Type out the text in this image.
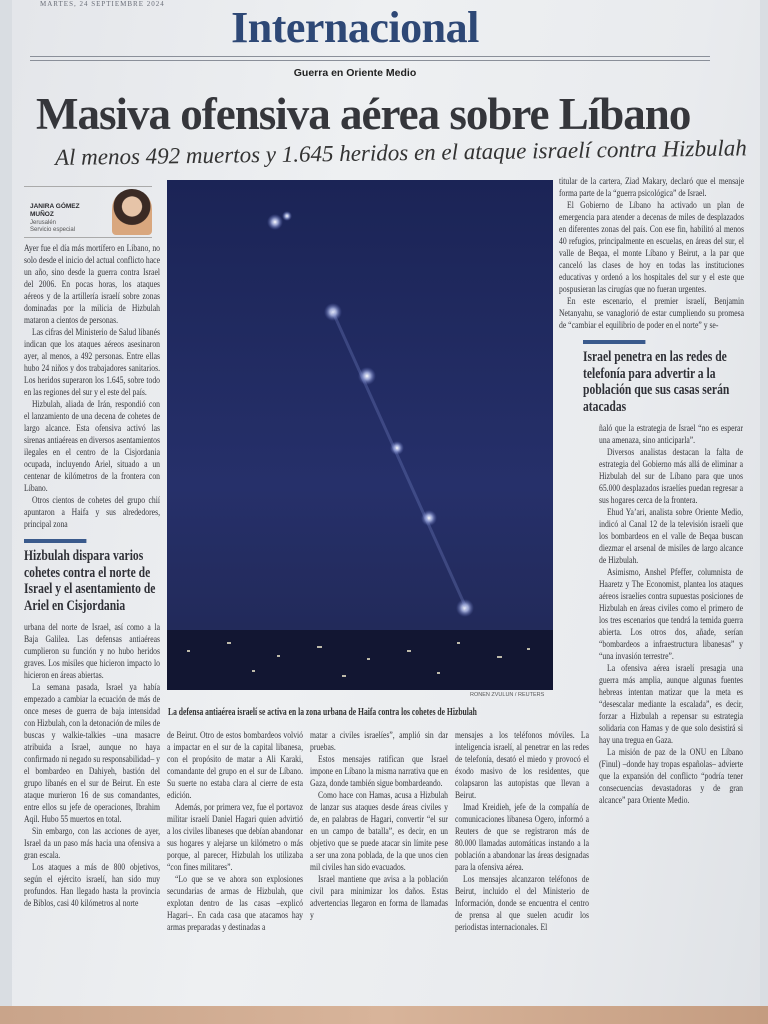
MARTES, 24 SEPTIEMBRE 2024	Internacional
Guerra en Oriente Medio
Masiva ofensiva aérea sobre Líbano
Al menos 492 muertos y 1.645 heridos en el ataque israelí contra Hizbulah
JANIRA GÓMEZ MUÑOZ
Jerusalén
Servicio especial

Ayer fue el día más mortífero en Líbano, no solo desde el inicio del actual conflicto hace un año, sino desde la guerra contra Israel del 2006. En pocas horas, los ataques aéreos y de la artillería israelí sobre zonas dominadas por la milicia de Hizbulah mataron a cientos de personas.

Las cifras del Ministerio de Salud libanés indican que los ataques aéreos asesinaron ayer, al menos, a 492 personas. Entre ellas hubo 24 niños y dos trabajadores sanitarios. Los heridos superaron los 1.645, sobre todo en las regiones del sur y el este del país.

Hizbulah, aliada de Irán, respondió con el lanzamiento de una decena de cohetes de largo alcance. Esta ofensiva activó las sirenas antiaéreas en diversos asentamientos ilegales en el centro de la Cisjordania ocupada, incluyendo Ariel, situado a un centenar de kilómetros de la frontera con Líbano.

Otros cientos de cohetes del grupo chií apuntaron a Haifa y sus alrededores, principal zona

Hizbulah dispara varios cohetes contra el norte de Israel y el asentamiento de Ariel en Cisjordania

urbana del norte de Israel, así como a la Baja Galilea. Las defensas antiaéreas cumplieron su función y no hubo heridos graves. Los misiles que hicieron impacto lo hicieron en áreas abiertas.

La semana pasada, Israel ya había empezado a cambiar la ecuación de más de once meses de guerra de baja intensidad con Hizbulah, con la detonación de miles de buscas y walkie-talkies –una masacre atribuida a Israel, aunque no haya confirmado ni negado su responsabilidad– y el bombardeo en Dahiyeh, bastión del grupo libanés en el sur de Beirut. En este ataque murieron 16 de sus comandantes, entre ellos su jefe de operaciones, Ibrahim Aqil. Hubo 55 muertos en total.

Sin embargo, con las acciones de ayer, Israel da un paso más hacia una ofensiva a gran escala.

Los ataques a más de 800 objetivos, según el ejército israelí, han sido muy profundos. Han llegado hasta la provincia de Biblos, casi 40 kilómetros al norte

RONEN ZVULUN / REUTERS
La defensa antiaérea israelí se activa en la zona urbana de Haifa contra los cohetes de Hizbulah

de Beirut. Otro de estos bombardeos volvió a impactar en el sur de la capital libanesa, con el propósito de matar a Ali Karaki, comandante del grupo en el sur de Líbano. Su suerte no estaba clara al cierre de esta edición.

Además, por primera vez, fue el portavoz militar israelí Daniel Hagari quien advirtió a los civiles libaneses que debían abandonar sus hogares y alejarse un kilómetro o más porque, al parecer, Hizbulah los utilizaba “con fines militares”.

“Lo que se ve ahora son explosiones secundarias de armas de Hizbulah, que explotan dentro de las casas –explicó Hagari–. En cada casa que atacamos hay armas preparadas y destinadas a

matar a civiles israelíes”, amplió sin dar pruebas.

Estos mensajes ratifican que Israel impone en Líbano la misma narrativa que en Gaza, donde también sigue bombardeando.

Como hace con Hamas, acusa a Hizbulah de lanzar sus ataques desde áreas civiles y de, en palabras de Hagari, convertir “el sur en un campo de batalla”, es decir, en un objetivo que se puede atacar sin límite pese a ser una zona poblada, de la que unos cien mil civiles han sido evacuados.

Israel mantiene que avisa a la población civil para minimizar los daños. Estas advertencias llegaron en forma de llamadas y

mensajes a los teléfonos móviles. La inteligencia israelí, al penetrar en las redes de telefonía, desató el miedo y provocó el éxodo masivo de los residentes, que colapsaron las autopistas que llevan a Beirut.

Imad Kreidieh, jefe de la compañía de comunicaciones libanesa Ogero, informó a Reuters de que se registraron más de 80.000 llamadas automáticas instando a la población a abandonar las áreas designadas para la ofensiva aérea.

Los mensajes alcanzaron teléfonos de Beirut, incluido el del Ministerio de Información, donde se encuentra el centro de prensa al que suelen acudir los periodistas internacionales. El

titular de la cartera, Ziad Makary, declaró que el mensaje forma parte de la “guerra psicológica” de Israel.

El Gobierno de Líbano ha activado un plan de emergencia para atender a decenas de miles de desplazados en diferentes zonas del país. Con ese fin, habilitó al menos 40 refugios, principalmente en escuelas, en áreas del sur, el valle de Beqaa, el monte Líbano y Beirut, a la par que canceló las clases de hoy en todas las instituciones educativas y ordenó a los hospitales del sur y el este que pospusieran las cirugías que no fueran urgentes.

En este escenario, el premier israelí, Benjamin Netanyahu, se vanaglorió de estar cumpliendo su promesa de “cambiar el equilibrio de poder en el norte” y se-

Israel penetra en las redes de telefonía para advertir a la población que sus casas serán atacadas

ñaló que la estrategia de Israel “no es esperar una amenaza, sino anticiparla”.

Diversos analistas destacan la falta de estrategia del Gobierno más allá de eliminar a Hizbulah del sur de Líbano para que unos 65.000 desplazados israelíes puedan regresar a sus hogares cerca de la frontera.

Ehud Ya’ari, analista sobre Oriente Medio, indicó al Canal 12 de la televisión israelí que los bombardeos en el valle de Beqaa buscan diezmar el arsenal de misiles de largo alcance de Hizbulah.

Asimismo, Anshel Pfeffer, columnista de Haaretz y The Economist, plantea los ataques aéreos israelíes contra supuestas posiciones de Hizbulah en áreas civiles como el primero de los tres escenarios que tendrá la temida guerra abierta. Los otros dos, añade, serían “bombardeos a infraestructura libanesas” y “una invasión terrestre”.

La ofensiva aérea israelí presagia una guerra más amplia, aunque algunas fuentes hebreas intentan matizar que la meta es “desescalar mediante la escalada”, es decir, forzar a Hizbulah a repensar su estrategia solidaria con Hamas y de que solo desistirá si hay una tregua en Gaza.

La misión de paz de la ONU en Líbano (Finul) –donde hay tropas españolas– advierte que la expansión del conflicto “podría tener consecuencias devastadoras y de gran alcance” para Oriente Medio.
